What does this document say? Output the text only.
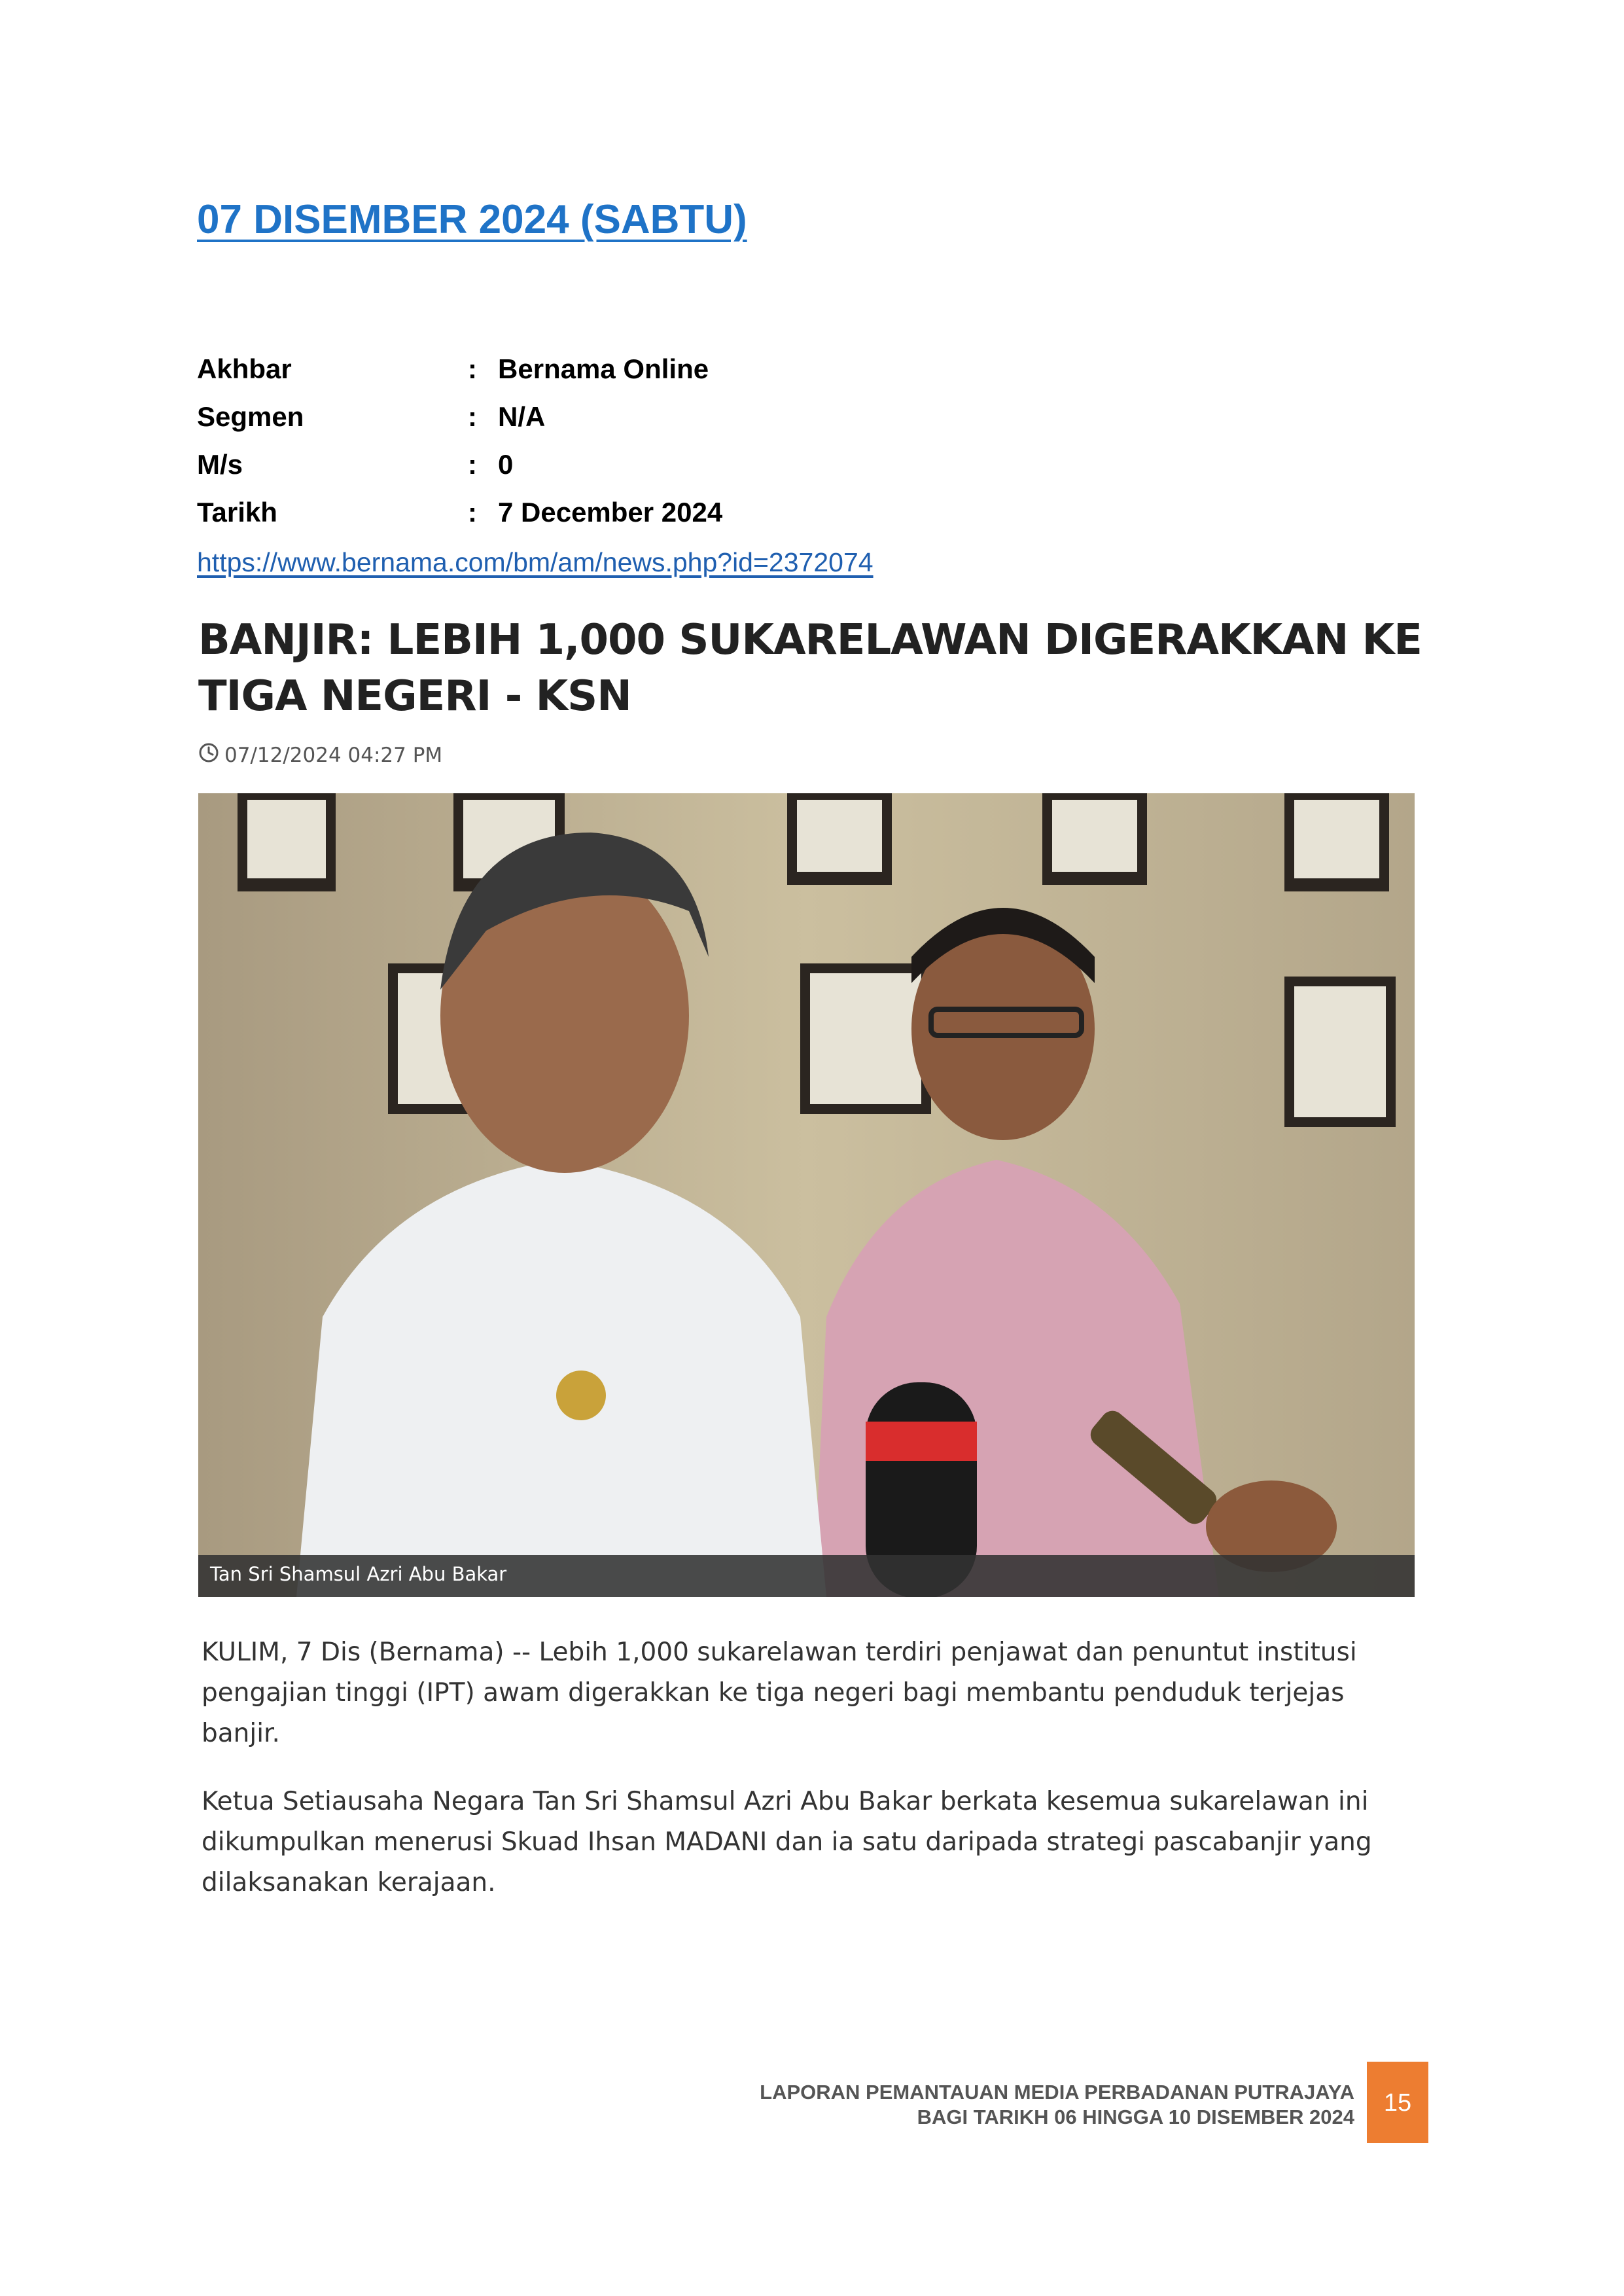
07 DISEMBER 2024 (SABTU)
Akhbar	: Bernama Online
Segmen	: N/A
M/s	: 0
Tarikh	: 7 December 2024
https://www.bernama.com/bm/am/news.php?id=2372074
BANJIR: LEBIH 1,000 SUKARELAWAN DIGERAKKAN KE TIGA NEGERI - KSN
07/12/2024 04:27 PM
Tan Sri Shamsul Azri Abu Bakar
KULIM, 7 Dis (Bernama) -- Lebih 1,000 sukarelawan terdiri penjawat dan penuntut institusi pengajian tinggi (IPT) awam digerakkan ke tiga negeri bagi membantu penduduk terjejas banjir.
Ketua Setiausaha Negara Tan Sri Shamsul Azri Abu Bakar berkata kesemua sukarelawan ini dikumpulkan menerusi Skuad Ihsan MADANI dan ia satu daripada strategi pascabanjir yang dilaksanakan kerajaan.
LAPORAN PEMANTAUAN MEDIA PERBADANAN PUTRAJAYA
BAGI TARIKH 06 HINGGA 10 DISEMBER 2024
15
